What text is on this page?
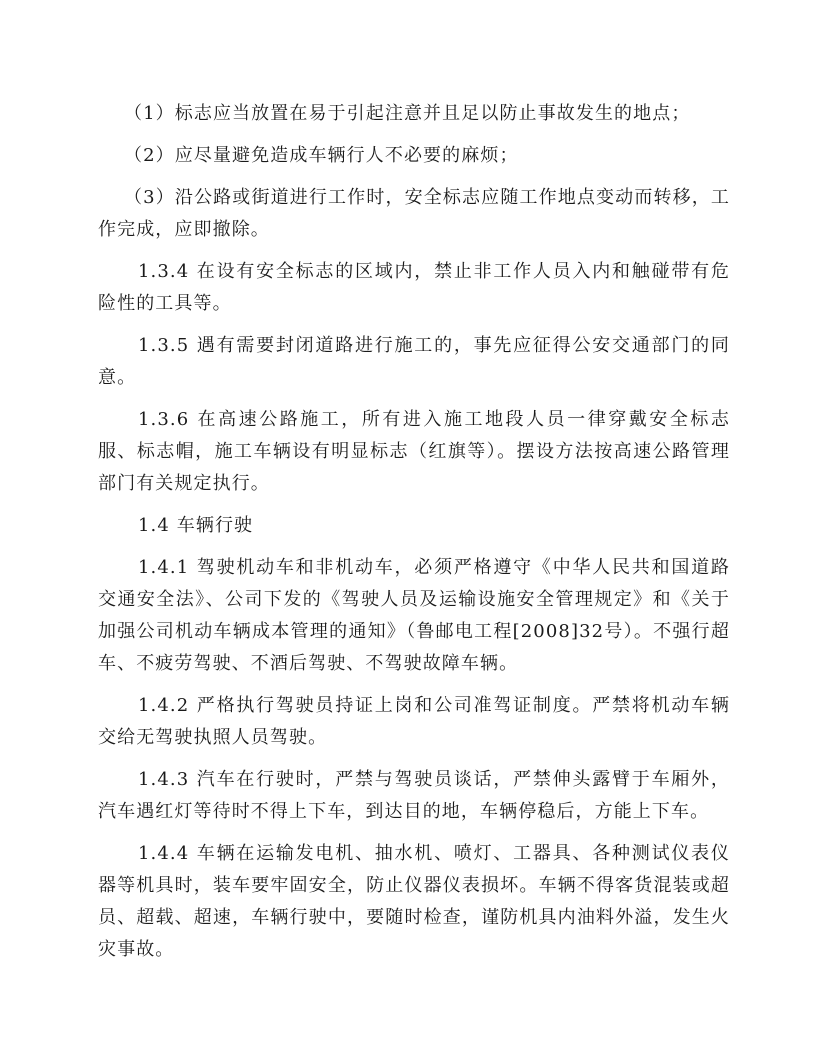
（1）标志应当放置在易于引起注意并且足以防止事故发生的地点；

（2）应尽量避免造成车辆行人不必要的麻烦；

（3）沿公路或街道进行工作时，安全标志应随工作地点变动而转移，工作完成，应即撤除。

1.3.4 在设有安全标志的区域内，禁止非工作人员入内和触碰带有危险性的工具等。

1.3.5 遇有需要封闭道路进行施工的，事先应征得公安交通部门的同意。

1.3.6 在高速公路施工，所有进入施工地段人员一律穿戴安全标志服、标志帽，施工车辆设有明显标志（红旗等）。摆设方法按高速公路管理部门有关规定执行。

1.4 车辆行驶

1.4.1 驾驶机动车和非机动车，必须严格遵守《中华人民共和国道路交通安全法》、公司下发的《驾驶人员及运输设施安全管理规定》和《关于加强公司机动车辆成本管理的通知》（鲁邮电工程[2008]32号）。不强行超车、不疲劳驾驶、不酒后驾驶、不驾驶故障车辆。

1.4.2 严格执行驾驶员持证上岗和公司准驾证制度。严禁将机动车辆交给无驾驶执照人员驾驶。

1.4.3 汽车在行驶时，严禁与驾驶员谈话，严禁伸头露臂于车厢外，汽车遇红灯等待时不得上下车，到达目的地，车辆停稳后，方能上下车。

1.4.4 车辆在运输发电机、抽水机、喷灯、工器具、各种测试仪表仪器等机具时，装车要牢固安全，防止仪器仪表损坏。车辆不得客货混装或超员、超载、超速，车辆行驶中，要随时检查，谨防机具内油料外溢，发生火灾事故。
